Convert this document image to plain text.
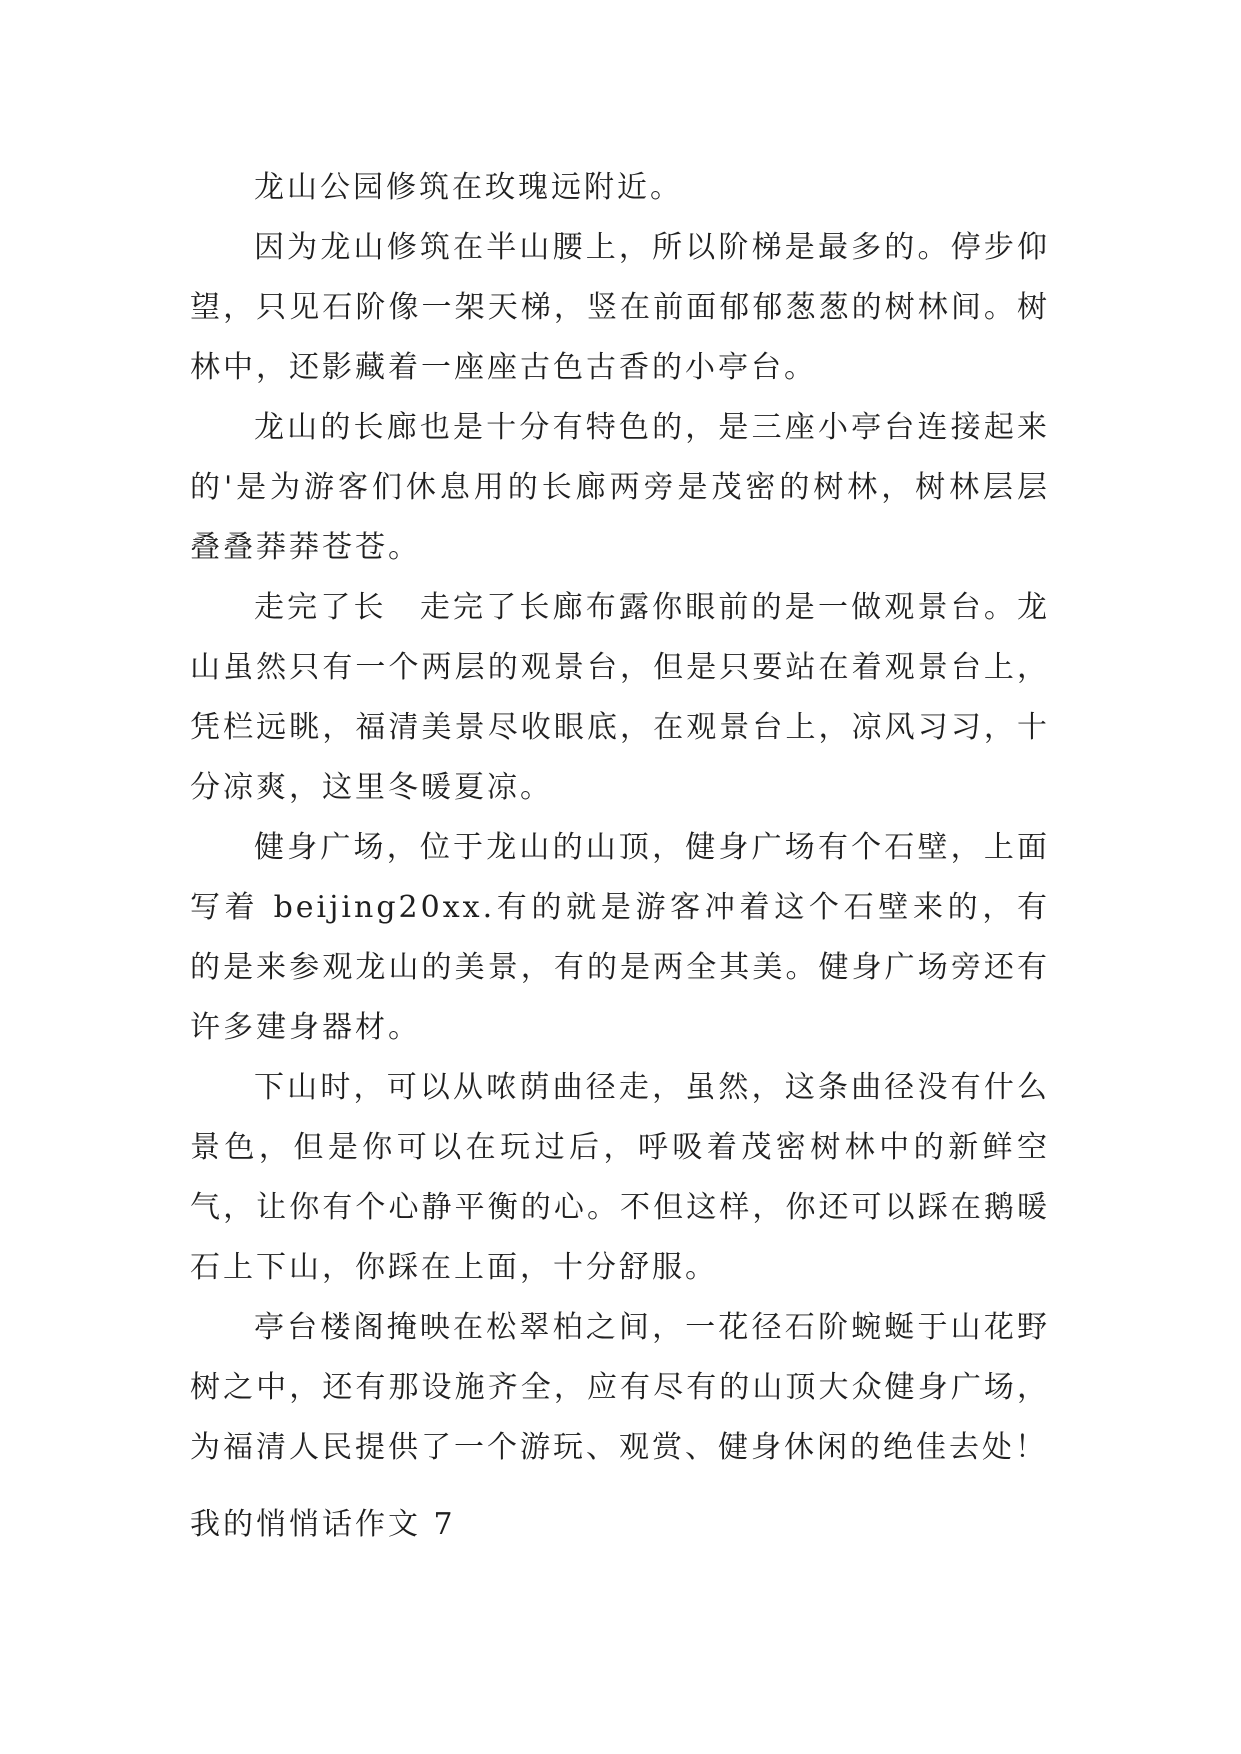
龙山公园修筑在玫瑰远附近。

因为龙山修筑在半山腰上，所以阶梯是最多的。停步仰望，只见石阶像一架天梯，竖在前面郁郁葱葱的树林间。树林中，还影藏着一座座古色古香的小亭台。

龙山的长廊也是十分有特色的，是三座小亭台连接起来的'是为游客们休息用的长廊两旁是茂密的树林，树林层层叠叠莽莽苍苍。

走完了长　走完了长廊布露你眼前的是一做观景台。龙山虽然只有一个两层的观景台，但是只要站在着观景台上，凭栏远眺，福清美景尽收眼底，在观景台上，凉风习习，十分凉爽，这里冬暖夏凉。

健身广场，位于龙山的山顶，健身广场有个石壁，上面写着 beijing20xx.有的就是游客冲着这个石壁来的，有的是来参观龙山的美景，有的是两全其美。健身广场旁还有许多建身器材。

下山时，可以从哝荫曲径走，虽然，这条曲径没有什么景色，但是你可以在玩过后，呼吸着茂密树林中的新鲜空气，让你有个心静平衡的心。不但这样，你还可以踩在鹅暖石上下山，你踩在上面，十分舒服。

亭台楼阁掩映在松翠柏之间，一花径石阶蜿蜒于山花野树之中，还有那设施齐全，应有尽有的山顶大众健身广场，为福清人民提供了一个游玩、观赏、健身休闲的绝佳去处！

我的悄悄话作文 7
